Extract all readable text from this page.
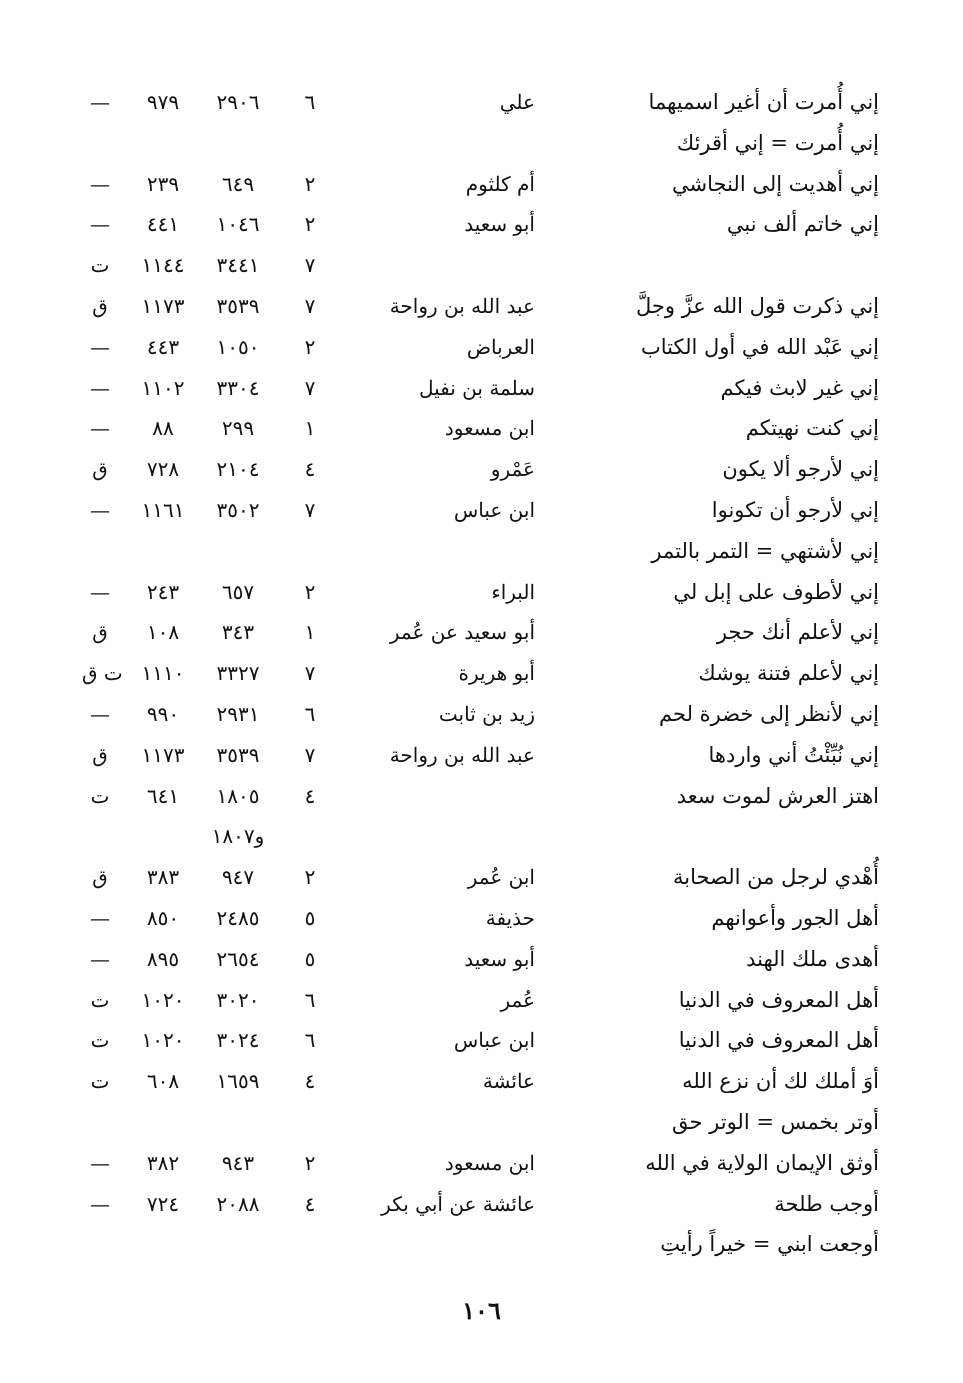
إني أُمرت أن أغير اسميهما
علي
٦
٢٩٠٦
٩٧٩
—
إني أُمرت = إني أقرئك
إني أهديت إلى النجاشي
أم كلثوم
٢
٦٤٩
٢٣٩
—
إني خاتم ألف نبي
أبو سعيد
٢
١٠٤٦
٤٤١
—
٧
٣٤٤١
١١٤٤
ت
إني ذكرت قول الله عزَّ وجلَّ
عبد الله بن رواحة
٧
٣٥٣٩
١١٧٣
ق
إني عَبْد الله في أول الكتاب
العرباض
٢
١٠٥٠
٤٤٣
—
إني غير لابث فيكم
سلمة بن نفيل
٧
٣٣٠٤
١١٠٢
—
إني كنت نهيتكم
ابن مسعود
١
٢٩٩
٨٨
—
إني لأرجو ألا يكون
عَمْرو
٤
٢١٠٤
٧٢٨
ق
إني لأرجو أن تكونوا
ابن عباس
٧
٣٥٠٢
١١٦١
—
إني لأشتهي = التمر بالتمر
إني لأطوف على إبل لي
البراء
٢
٦٥٧
٢٤٣
—
إني لأعلم أنك حجر
أبو سعيد عن عُمر
١
٣٤٣
١٠٨
ق
إني لأعلم فتنة يوشك
أبو هريرة
٧
٣٣٢٧
١١١٠
ت ق
إني لأنظر إلى خضرة لحم
زيد بن ثابت
٦
٢٩٣١
٩٩٠
—
إني نُبِّئْتُ أني واردها
عبد الله بن رواحة
٧
٣٥٣٩
١١٧٣
ق
اهتز العرش لموت سعد
٤
١٨٠٥
٦٤١
ت
و١٨٠٧
أُهْدي لرجل من الصحابة
ابن عُمر
٢
٩٤٧
٣٨٣
ق
أهل الجور وأعوانهم
حذيفة
٥
٢٤٨٥
٨٥٠
—
أهدى ملك الهند
أبو سعيد
٥
٢٦٥٤
٨٩٥
—
أهل المعروف في الدنيا
عُمر
٦
٣٠٢٠
١٠٢٠
ت
أهل المعروف في الدنيا
ابن عباس
٦
٣٠٢٤
١٠٢٠
ت
أوَ أملك لك أن نزع الله
عائشة
٤
١٦٥٩
٦٠٨
ت
أوتر بخمس = الوتر حق
أوثق الإيمان الولاية في الله
ابن مسعود
٢
٩٤٣
٣٨٢
—
أوجب طلحة
عائشة عن أبي بكر
٤
٢٠٨٨
٧٢٤
—
أوجعت ابني = خيراً رأيتِ
١٠٦
